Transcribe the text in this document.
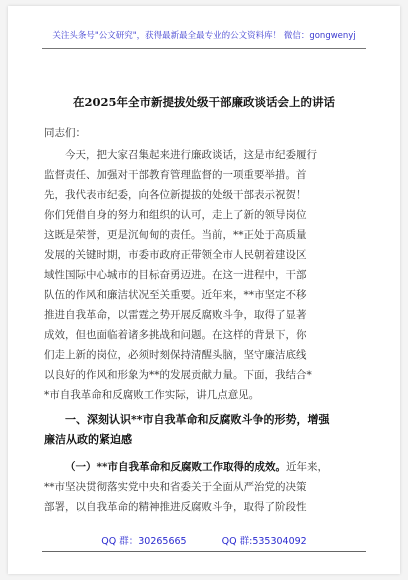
关注头条号"公文研究"，获得最新最全最专业的公文资料库！ 微信：gongwenyj
在2025年全市新提拔处级干部廉政谈话会上的讲话
同志们：
今天，把大家召集起来进行廉政谈话，这是市纪委履行
监督责任、加强对干部教育管理监督的一项重要举措。首
先，我代表市纪委，向各位新提拔的处级干部表示祝贺！
你们凭借自身的努力和组织的认可，走上了新的领导岗位
这既是荣誉，更是沉甸甸的责任。当前，**正处于高质量
发展的关键时期，市委市政府正带领全市人民朝着建设区
域性国际中心城市的目标奋勇迈进。在这一进程中，干部
队伍的作风和廉洁状况至关重要。近年来，**市坚定不移
推进自我革命，以雷霆之势开展反腐败斗争，取得了显著
成效，但也面临着诸多挑战和问题。在这样的背景下，你
们走上新的岗位，必须时刻保持清醒头脑，坚守廉洁底线
以良好的作风和形象为**的发展贡献力量。下面，我结合*
*市自我革命和反腐败工作实际，讲几点意见。
一、深刻认识**市自我革命和反腐败斗争的形势，增强
廉洁从政的紧迫感
（一）**市自我革命和反腐败工作取得的成效。近年来，
**市坚决贯彻落实党中央和省委关于全面从严治党的决策
部署，以自我革命的精神推进反腐败斗争，取得了阶段性
QQ 群：30265665	QQ 群:535304092
